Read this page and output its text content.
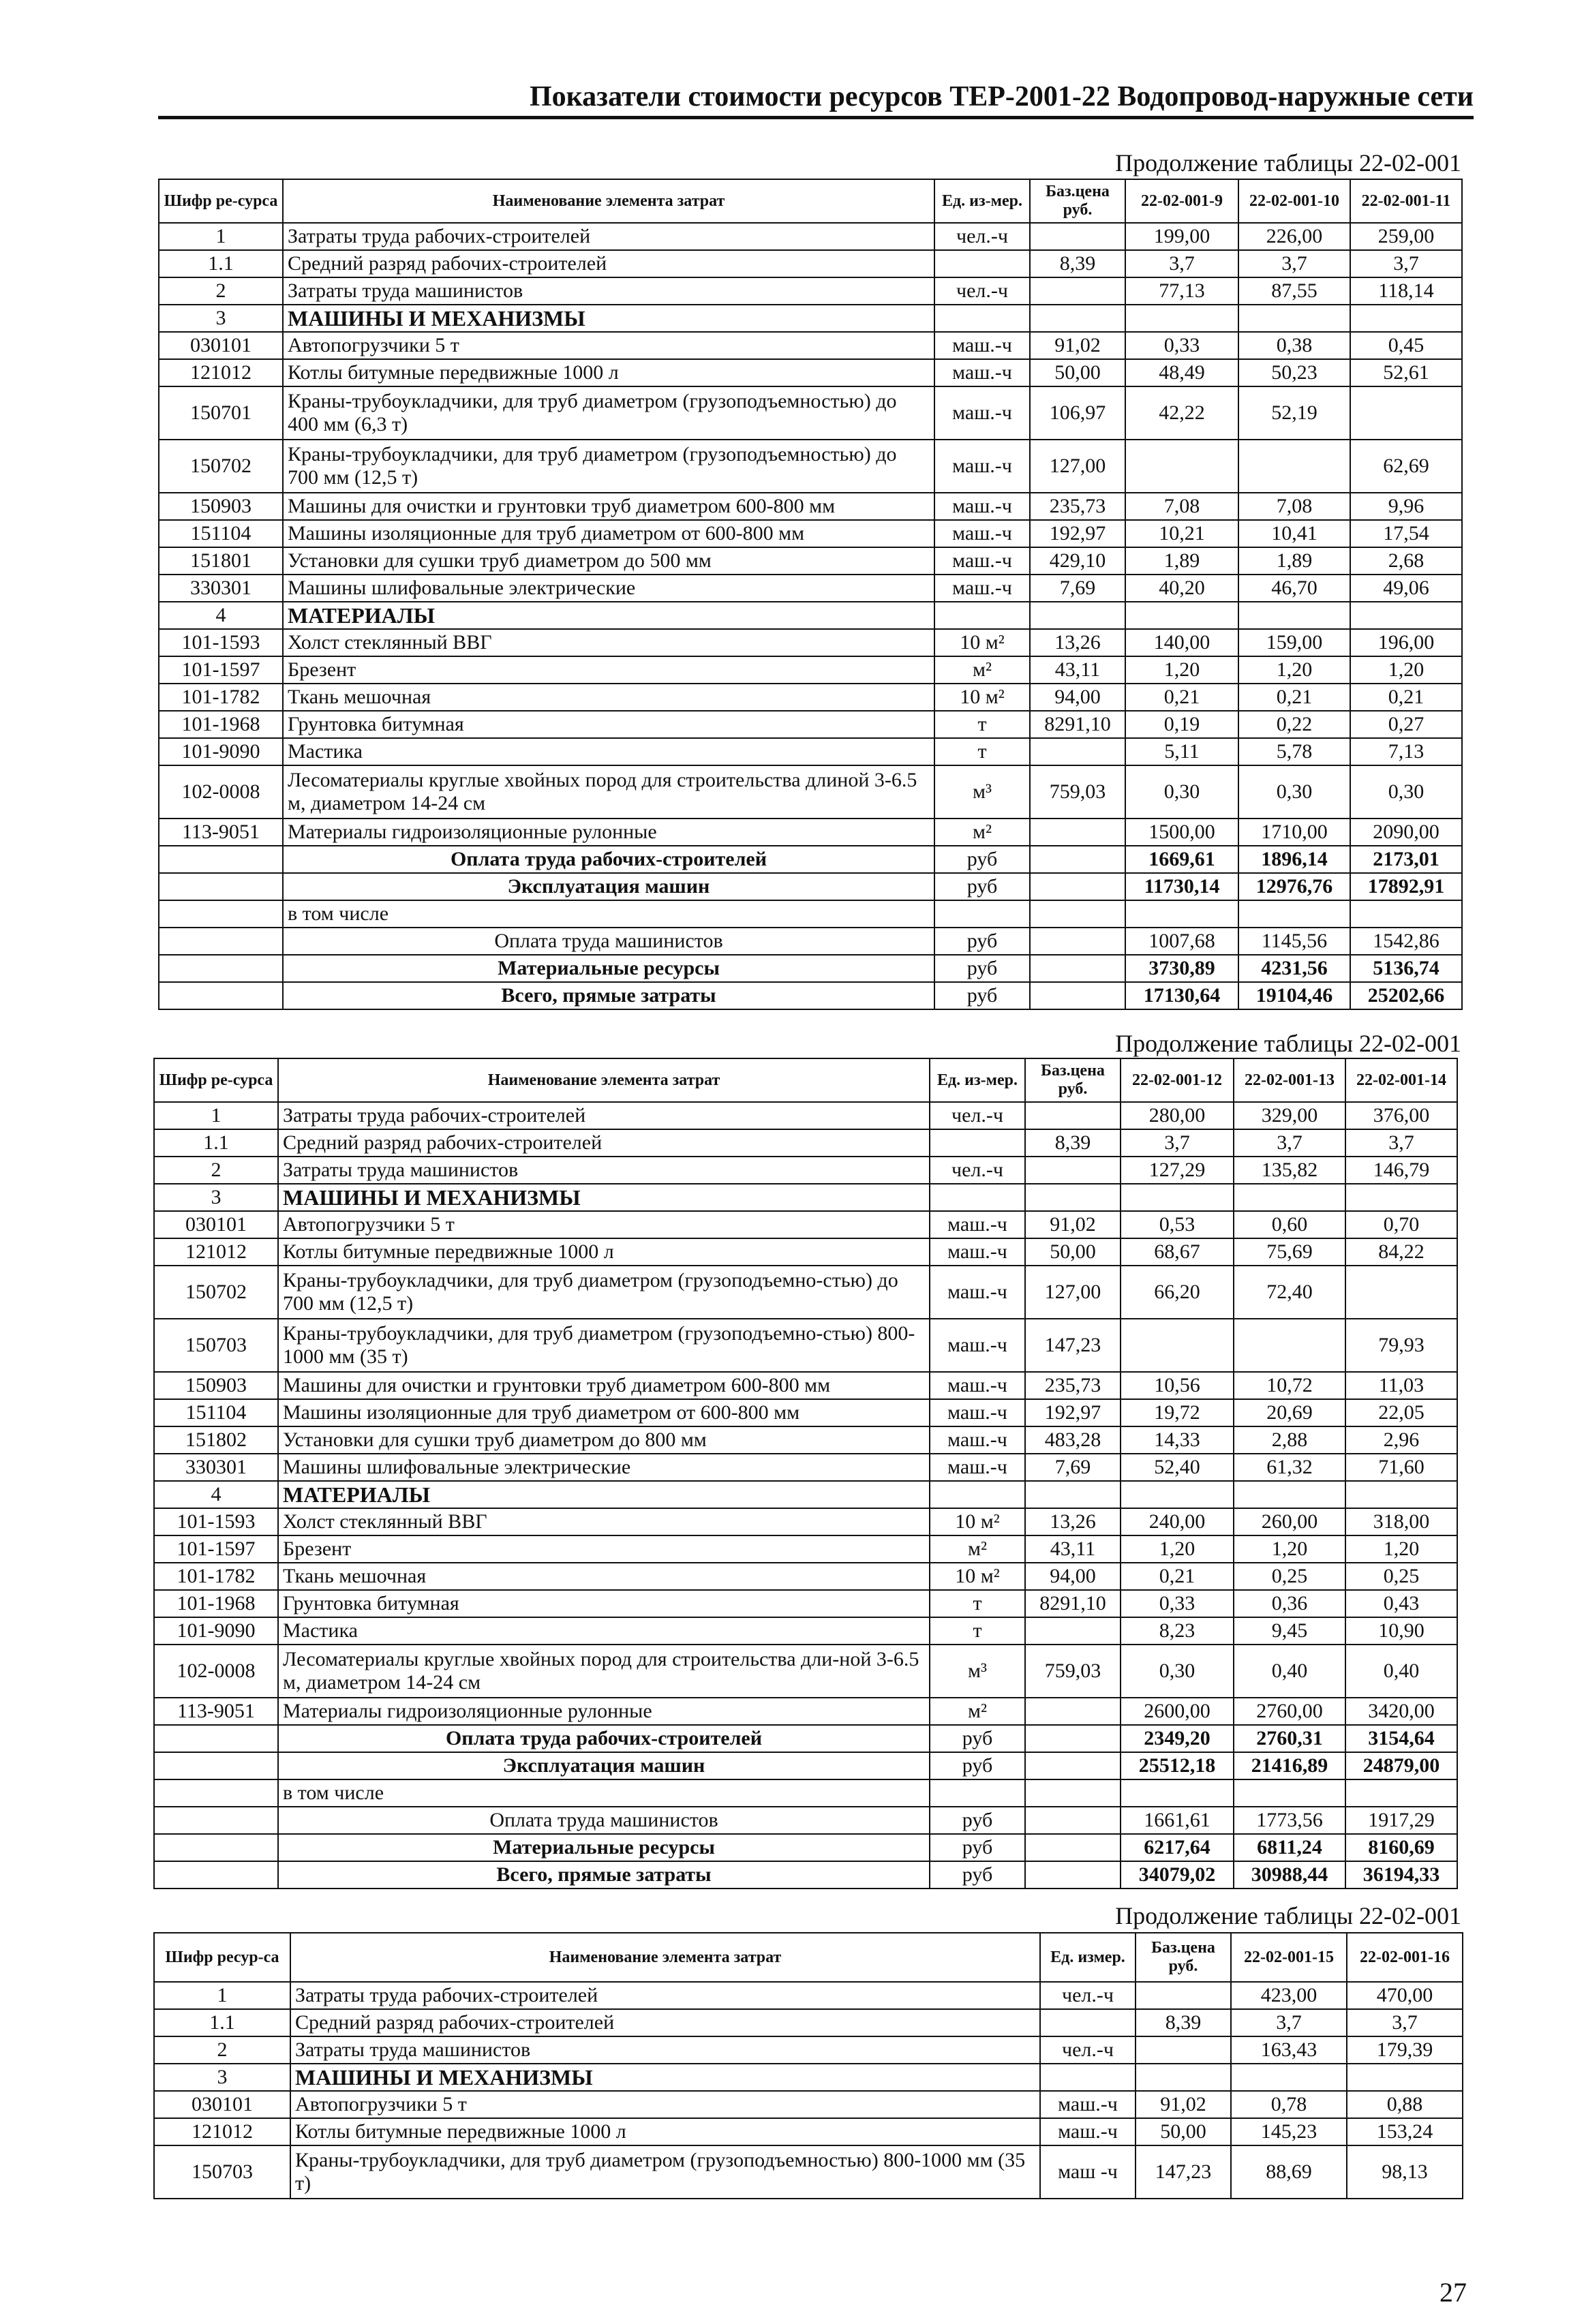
Показатели стоимости ресурсов ТЕР-2001-22 Водопровод-наружные сети
Продолжение таблицы 22-02-001
Шифр ре-сурса	Наименование элемента затрат	Ед. из-мер.	Баз.цена руб.	22-02-001-9	22-02-001-10	22-02-001-11
1	Затраты труда рабочих-строителей	чел.-ч		199,00	226,00	259,00
1.1	Средний разряд рабочих-строителей		8,39	3,7	3,7	3,7
2	Затраты труда машинистов	чел.-ч		77,13	87,55	118,14
3	МАШИНЫ И МЕХАНИЗМЫ					
030101	Автопогрузчики 5 т	маш.-ч	91,02	0,33	0,38	0,45
121012	Котлы битумные передвижные 1000 л	маш.-ч	50,00	48,49	50,23	52,61
150701	Краны-трубоукладчики, для труб диаметром (грузоподъемностью) до 400 мм (6,3 т)	маш.-ч	106,97	42,22	52,19	
150702	Краны-трубоукладчики, для труб диаметром (грузоподъемностью) до 700 мм (12,5 т)	маш.-ч	127,00			62,69
150903	Машины для очистки и грунтовки труб диаметром 600-800 мм	маш.-ч	235,73	7,08	7,08	9,96
151104	Машины изоляционные для труб диаметром от 600-800 мм	маш.-ч	192,97	10,21	10,41	17,54
151801	Установки для сушки труб диаметром до 500 мм	маш.-ч	429,10	1,89	1,89	2,68
330301	Машины шлифовальные электрические	маш.-ч	7,69	40,20	46,70	49,06
4	МАТЕРИАЛЫ					
101-1593	Холст стеклянный ВВГ	10 м²	13,26	140,00	159,00	196,00
101-1597	Брезент	м²	43,11	1,20	1,20	1,20
101-1782	Ткань мешочная	10 м²	94,00	0,21	0,21	0,21
101-1968	Грунтовка битумная	т	8291,10	0,19	0,22	0,27
101-9090	Мастика	т		5,11	5,78	7,13
102-0008	Лесоматериалы круглые хвойных пород для строительства длиной 3-6.5 м, диаметром 14-24 см	м³	759,03	0,30	0,30	0,30
113-9051	Материалы гидроизоляционные рулонные	м²		1500,00	1710,00	2090,00
	Оплата труда рабочих-строителей	руб		1669,61	1896,14	2173,01
	Эксплуатация машин	руб		11730,14	12976,76	17892,91
	в том числе					
	Оплата труда машинистов	руб		1007,68	1145,56	1542,86
	Материальные ресурсы	руб		3730,89	4231,56	5136,74
	Всего, прямые затраты	руб		17130,64	19104,46	25202,66
Продолжение таблицы 22-02-001
Шифр ре-сурса	Наименование элемента затрат	Ед. из-мер.	Баз.цена руб.	22-02-001-12	22-02-001-13	22-02-001-14
1	Затраты труда рабочих-строителей	чел.-ч		280,00	329,00	376,00
1.1	Средний разряд рабочих-строителей		8,39	3,7	3,7	3,7
2	Затраты труда машинистов	чел.-ч		127,29	135,82	146,79
3	МАШИНЫ И МЕХАНИЗМЫ					
030101	Автопогрузчики 5 т	маш.-ч	91,02	0,53	0,60	0,70
121012	Котлы битумные передвижные 1000 л	маш.-ч	50,00	68,67	75,69	84,22
150702	Краны-трубоукладчики, для труб диаметром (грузоподъемно-стью) до 700 мм (12,5 т)	маш.-ч	127,00	66,20	72,40	
150703	Краны-трубоукладчики, для труб диаметром (грузоподъемно-стью) 800-1000 мм (35 т)	маш.-ч	147,23			79,93
150903	Машины для очистки и грунтовки труб диаметром 600-800 мм	маш.-ч	235,73	10,56	10,72	11,03
151104	Машины изоляционные для труб диаметром от 600-800 мм	маш.-ч	192,97	19,72	20,69	22,05
151802	Установки для сушки труб диаметром до 800 мм	маш.-ч	483,28	14,33	2,88	2,96
330301	Машины шлифовальные электрические	маш.-ч	7,69	52,40	61,32	71,60
4	МАТЕРИАЛЫ					
101-1593	Холст стеклянный ВВГ	10 м²	13,26	240,00	260,00	318,00
101-1597	Брезент	м²	43,11	1,20	1,20	1,20
101-1782	Ткань мешочная	10 м²	94,00	0,21	0,25	0,25
101-1968	Грунтовка битумная	т	8291,10	0,33	0,36	0,43
101-9090	Мастика	т		8,23	9,45	10,90
102-0008	Лесоматериалы круглые хвойных пород для строительства дли-ной 3-6.5 м, диаметром 14-24 см	м³	759,03	0,30	0,40	0,40
113-9051	Материалы гидроизоляционные рулонные	м²		2600,00	2760,00	3420,00
	Оплата труда рабочих-строителей	руб		2349,20	2760,31	3154,64
	Эксплуатация машин	руб		25512,18	21416,89	24879,00
	в том числе					
	Оплата труда машинистов	руб		1661,61	1773,56	1917,29
	Материальные ресурсы	руб		6217,64	6811,24	8160,69
	Всего, прямые затраты	руб		34079,02	30988,44	36194,33
Продолжение таблицы 22-02-001
Шифр ресур-са	Наименование элемента затрат	Ед. измер.	Баз.цена руб.	22-02-001-15	22-02-001-16
1	Затраты труда рабочих-строителей	чел.-ч		423,00	470,00
1.1	Средний разряд рабочих-строителей		8,39	3,7	3,7
2	Затраты труда машинистов	чел.-ч		163,43	179,39
3	МАШИНЫ И МЕХАНИЗМЫ				
030101	Автопогрузчики 5 т	маш.-ч	91,02	0,78	0,88
121012	Котлы битумные передвижные 1000 л	маш.-ч	50,00	145,23	153,24
150703	Краны-трубоукладчики, для труб диаметром (грузоподъемностью) 800-1000 мм (35 т)	маш -ч	147,23	88,69	98,13
27
